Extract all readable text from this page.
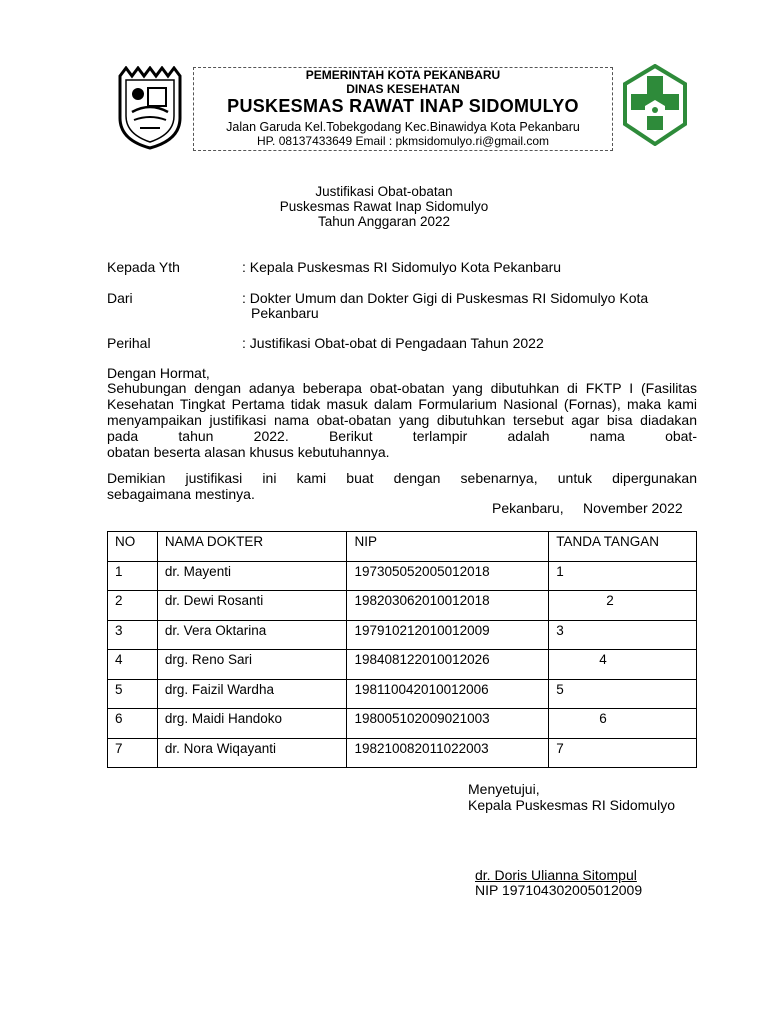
PEMERINTAH KOTA PEKANBARU
DINAS KESEHATAN
PUSKESMAS RAWAT INAP SIDOMULYO
Jalan Garuda Kel.Tobekgodang Kec.Binawidya Kota Pekanbaru
HP. 08137433649 Email : pkmsidomulyo.ri@gmail.com
Justifikasi Obat-obatan
Puskesmas Rawat Inap Sidomulyo
Tahun Anggaran 2022
Kepada Yth	: Kepala Puskesmas RI Sidomulyo Kota Pekanbaru
Dari	: Dokter Umum dan Dokter Gigi di Puskesmas RI Sidomulyo Kota
Pekanbaru
Perihal	: Justifikasi Obat-obat di Pengadaan Tahun 2022
Dengan Hormat,
Sehubungan dengan adanya beberapa obat-obatan yang dibutuhkan di FKTP I (Fasilitas Kesehatan Tingkat Pertama tidak masuk dalam Formularium Nasional (Fornas), maka kami menyampaikan justifikasi nama obat-obatan yang dibutuhkan tersebut agar bisa diadakan pada tahun 2022. Berikut terlampir adalah nama obat-
obatan beserta alasan khusus kebutuhannya.
Demikian justifikasi ini kami buat dengan sebenarnya, untuk dipergunakan
sebagaimana mestinya.
Pekanbaru,     November 2022
NO	NAMA DOKTER	NIP	TANDA TANGAN

1	dr. Mayenti	197305052005012018	1

2	dr. Dewi Rosanti	198203062010012018	2

3	dr. Vera Oktarina	197910212010012009	3

4	drg. Reno Sari	198408122010012026	4

5	drg. Faizil Wardha	198110042010012006	5

6	drg. Maidi Handoko	198005102009021003	6

7	dr. Nora Wiqayanti	198210082011022003	7
Menyetujui,
Kepala Puskesmas RI Sidomulyo
dr. Doris Ulianna Sitompul
NIP 197104302005012009
